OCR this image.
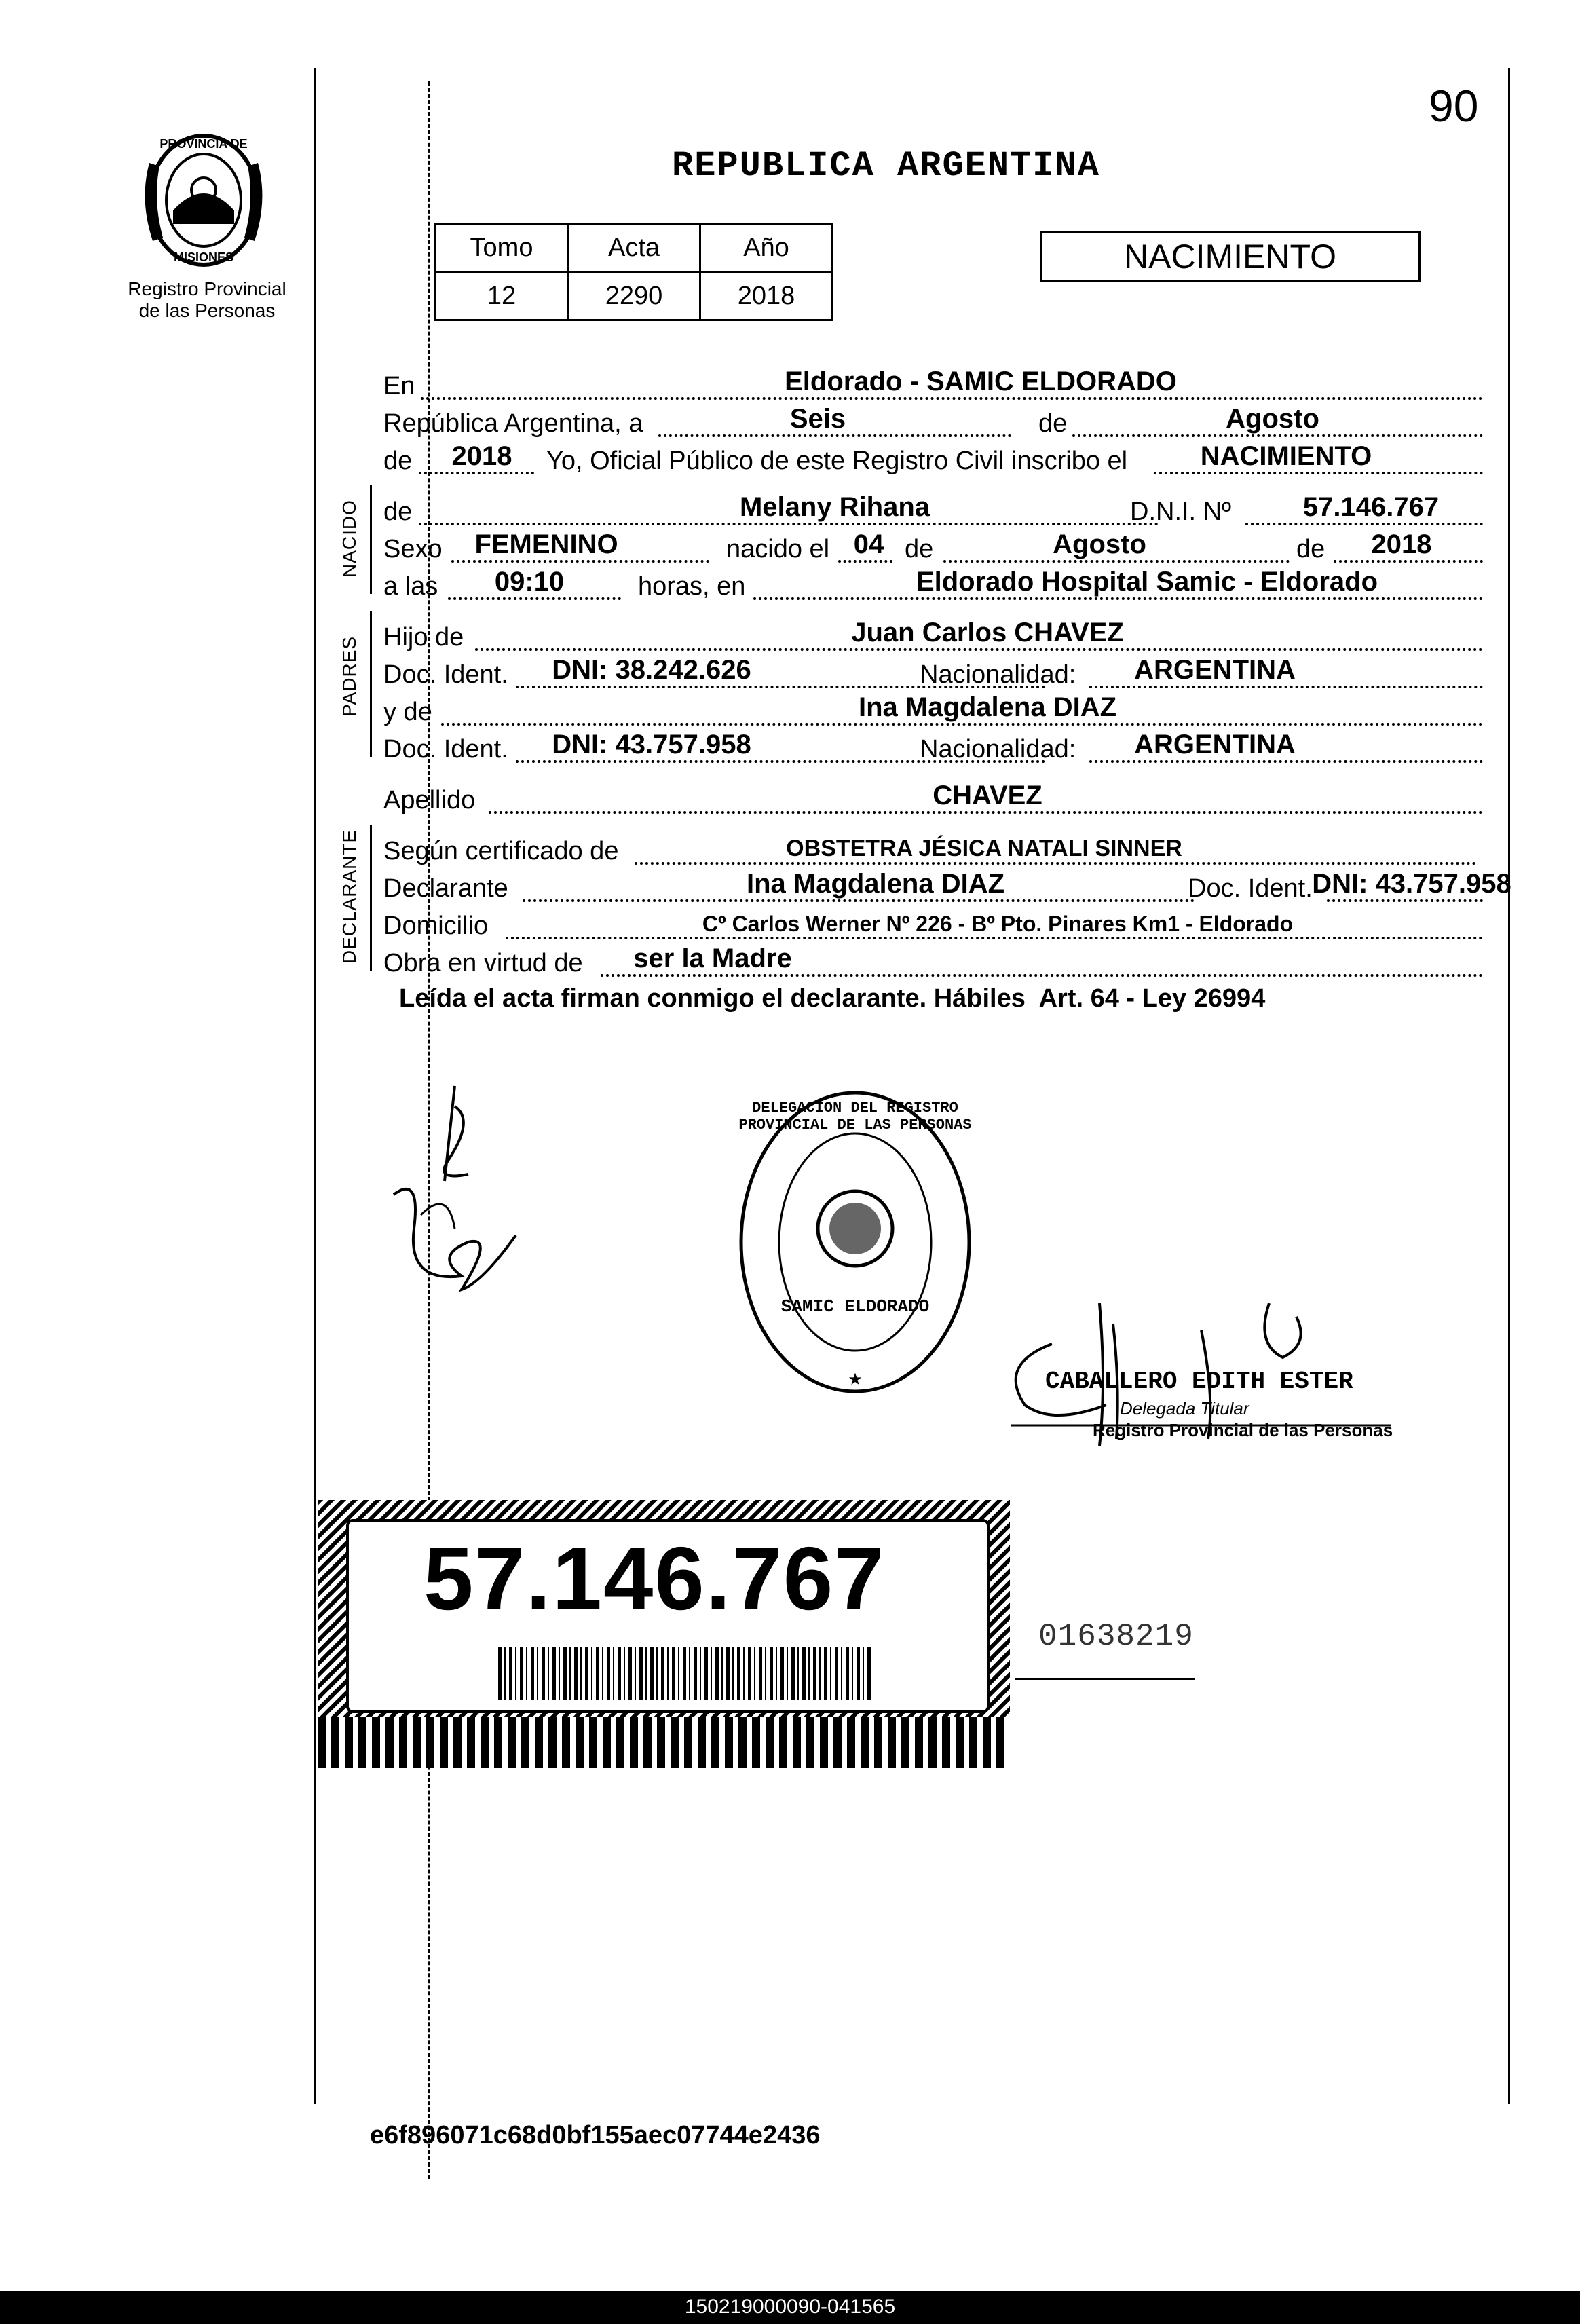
90
PROVINCIA DE
MISIONES
Registro Provincial
de las Personas
REPUBLICA ARGENTINA
Tomo	Acta	Año
12	2290	2018
NACIMIENTO
NACIDO
PADRES
DECLARANTE
En	Eldorado - SAMIC ELDORADO
República Argentina, a	Seis	de	Agosto
de 2018 Yo, Oficial Público de este Registro Civil inscribo el	NACIMIENTO
de	Melany Rihana	D.N.I. Nº	57.146.767
Sexo FEMENINO	nacido el 04 de	Agosto	de 2018
a las 09:10	horas, en	Eldorado Hospital Samic - Eldorado
Hijo de	Juan Carlos CHAVEZ
Doc. Ident. DNI: 38.242.626	Nacionalidad: ARGENTINA
y de	Ina Magdalena DIAZ
Doc. Ident. DNI: 43.757.958	Nacionalidad: ARGENTINA
Apellido	CHAVEZ
Según certificado de	OBSTETRA JÉSICA NATALI SINNER
Declarante	Ina Magdalena DIAZ	Doc. Ident. DNI: 43.757.958
Domicilio	Cº Carlos Werner Nº 226 - Bº Pto. Pinares Km1 - Eldorado
Obra en virtud de ser la Madre
Leída el acta firman conmigo el declarante. Hábiles  Art. 64 - Ley 26994
★
DELEGACION DEL REGISTRO PROVINCIAL DE LAS PERSONAS
SAMIC ELDORADO
CABALLERO EDITH ESTER
Delegada Titular
Registro Provincial de las Personas
57.146.767
01638219
e6f896071c68d0bf155aec07744e2436
150219000090-041565
